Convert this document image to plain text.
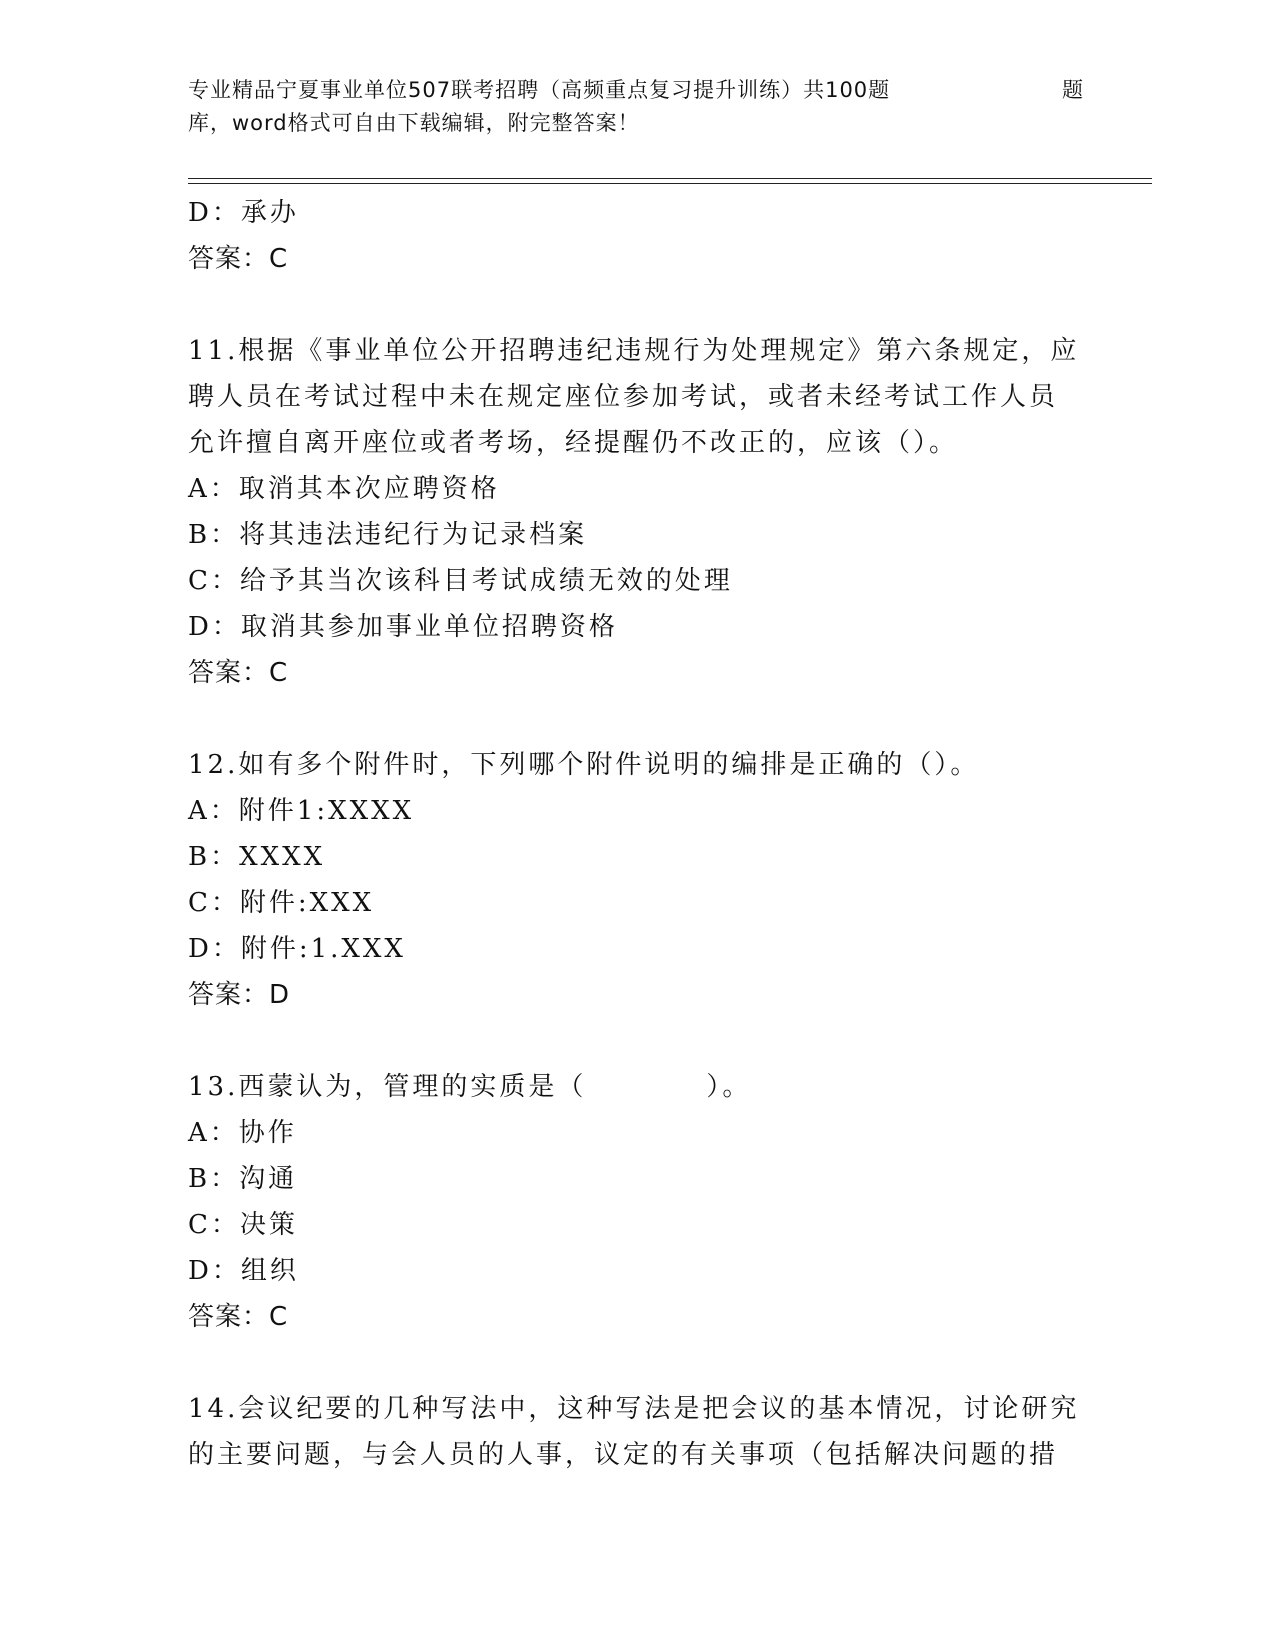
专业精品宁夏事业单位507联考招聘（高频重点复习提升训练）共100题	题
库，word格式可自由下载编辑，附完整答案！
D：承办
答案：C
11.根据《事业单位公开招聘违纪违规行为处理规定》第六条规定，应
聘人员在考试过程中未在规定座位参加考试，或者未经考试工作人员
允许擅自离开座位或者考场，经提醒仍不改正的，应该（）。
A：取消其本次应聘资格
B：将其违法违纪行为记录档案
C：给予其当次该科目考试成绩无效的处理
D：取消其参加事业单位招聘资格
答案：C
12.如有多个附件时，下列哪个附件说明的编排是正确的（）。
A：附件1:XXXX
B：XXXX
C：附件:XXX
D：附件:1.XXX
答案：D
13.西蒙认为，管理的实质是（	）。
A：协作
B：沟通
C：决策
D：组织
答案：C
14.会议纪要的几种写法中，这种写法是把会议的基本情况，讨论研究
的主要问题，与会人员的人事，议定的有关事项（包括解决问题的措
